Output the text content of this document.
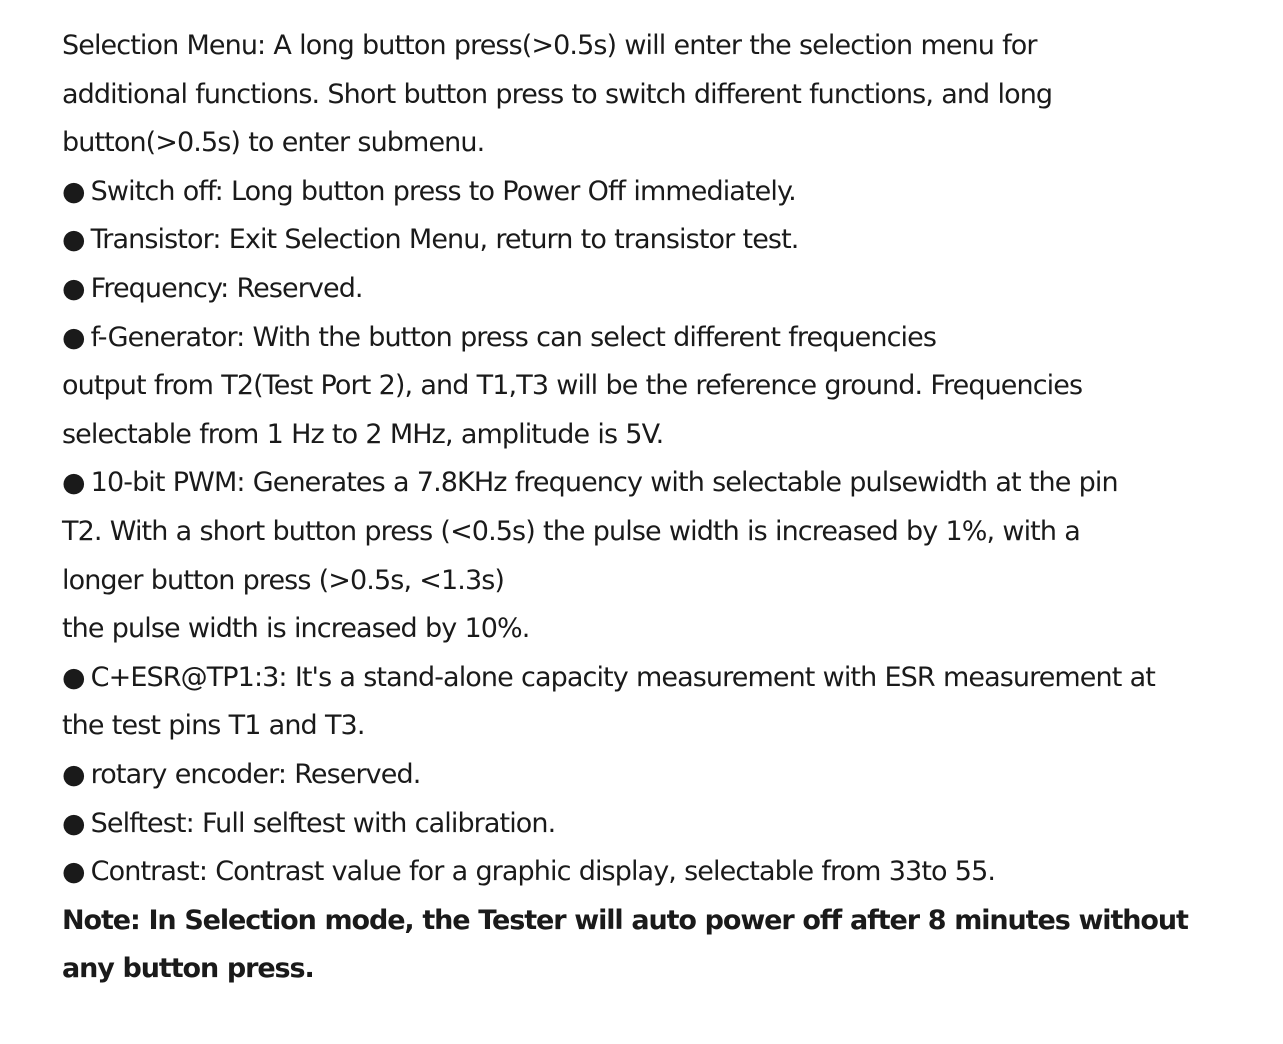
Selection Menu: A long button press(>0.5s) will enter the selection menu for
additional functions. Short button press to switch different functions, and long
button(>0.5s) to enter submenu.
● Switch off: Long button press to Power Off immediately.
● Transistor: Exit Selection Menu, return to transistor test.
● Frequency: Reserved.
● f-Generator: With the button press can select different frequencies
output from T2(Test Port 2), and T1,T3 will be the reference ground. Frequencies
selectable from 1 Hz to 2 MHz, amplitude is 5V.
● 10-bit PWM: Generates a 7.8KHz frequency with selectable pulsewidth at the pin
T2. With a short button press (<0.5s) the pulse width is increased by 1%, with a
longer button press (>0.5s, <1.3s)
the pulse width is increased by 10%.
● C+ESR@TP1:3: It's a stand-alone capacity measurement with ESR measurement at
the test pins T1 and T3.
● rotary encoder: Reserved.
● Selftest: Full selftest with calibration.
● Contrast: Contrast value for a graphic display, selectable from 33to 55.
Note: In Selection mode, the Tester will auto power off after 8 minutes without
any button press.
